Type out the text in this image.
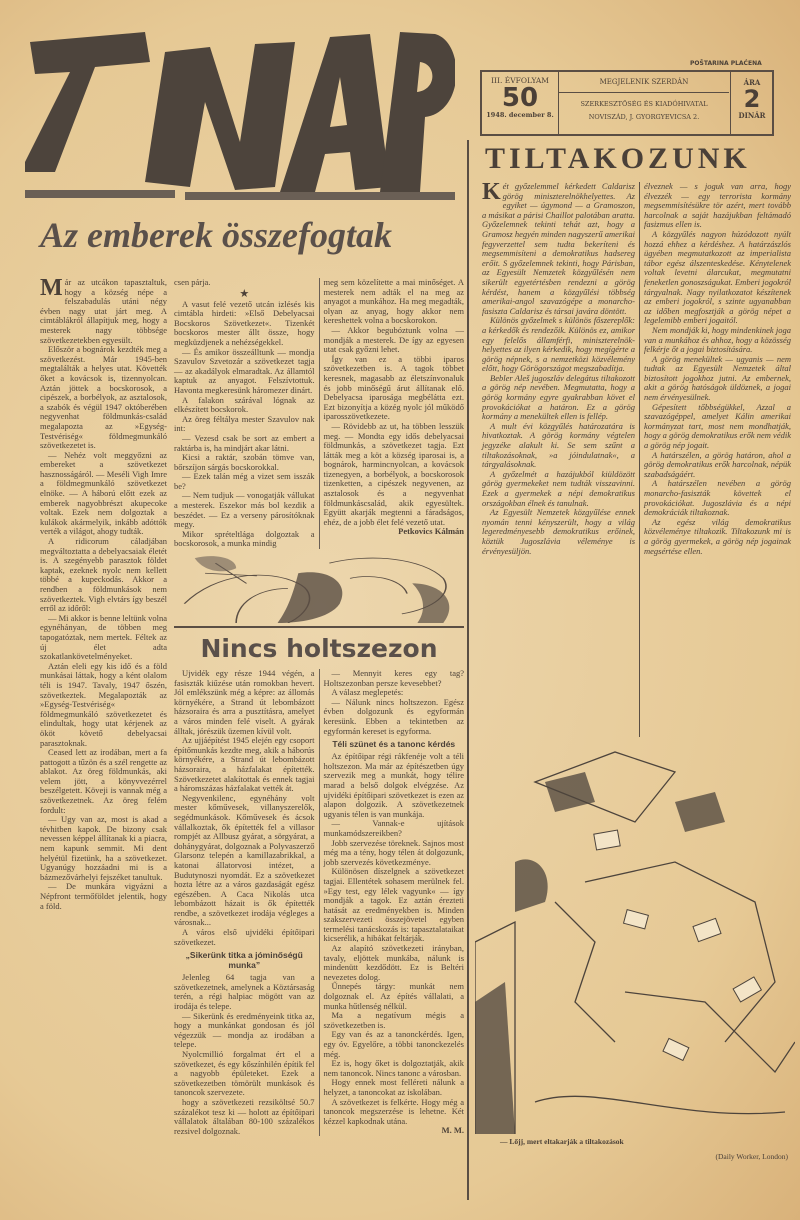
Az emberek összefogtak
M ár az utcákon tapasztaltuk, hogy a község népe a felszabadulás utáni négy évben nagy utat járt meg. A cimtáblákról állapítjuk meg, hogy a mesterek nagy többsége szövetkezetekben egyesült.

Először a bognárok kezdték meg a szövetkezést. Már 1945-ben megtalálták a helyes utat. Követték őket a kovácsok is, tizennyolcan. Aztán jöttek a bocskorosok, a cipészek, a borbélyok, az asztalosok, a szabók és végül 1947 októberében negyvenhat földmunkás-család megalapozta az »Egység-Testvériség« földmegmunkáló szövetkezetet is.

— Nehéz volt meggyőzni az embereket a szövetkezet hasznosságáról. — Meséli Vigh Imre a földmegmunkáló szövetkezet elnöke. — A háború előtt ezek az emberek nagyobbrészt akupecoke voltak. Ezek nem dolgoztak a kulákok akármelyik, inkább adóttók verték a világot, ahogy tudták.

A ridicorum cáladjában megváltoztatta a debelyacsaiak életét is. A szegényebb parasztok földet kaptak, ezeknek nyolc nem kellett többé a kupeckodás. Akkor a rendben a földmunkások nem szövetkeztek. Vigh elvtárs így beszél erről az időről:

— Mi akkor is benne leltünk volna egynéhányan, de többen meg tapogatóztak, nem mertek. Féltek az új élet adta szokatlankövetelményeket.

Aztán eleli egy kis idő és a föld munkásai láttak, hogy a ként olalom téli is 1947. Tavaly, 1947 őszén, szövetkeztek. Megalapozták az »Egység-Testvériség« földmegmunkáló szövetkezetet és elindultak, hogy utat kérjenek az ököt követő debelyacsai parasztoknak.

Ceased lett az irodában, mert a fa pattogott a tűzön és a szél rengette az ablakot. Az öreg földmunkás, aki velem jött, a könyvvezérrel beszélgetett. Köveji is vannak még a szövetkezetnek. Az öreg felém fordult:

— Ugy van az, most is akad a tévhitben kapok. De bizony csak nevessen képpel állítanak ki a piacra, nem kapunk semmit. Mi dent helyétül fizetünk, ha a szövetkezet. Ugyanúgy hozzáadni mi is a bázmezővárhelyi fejszéket tanultuk.

— De munkára vigyázni a Népfront termőföldet jelentik, hogy a föld.

csen párja.

★

A vasut felé vezető utcán izlésés kis cimtábla hirdeti: »Első Debelyacsai Bocskoros Szövetkezet«. Tizenkét bocskoros mester állt össze, hogy megküzdjenek a nehézségekkel.

— És amikor összeálltunk — mondja Szavulov Szvetozár a szövetkezet tagja — az akadályok elmaradtak. Az államtól kaptuk az anyagot. Felszívtottuk. Havonta megkeresünk háromezer dinárt.

A falakon szárával lógnak az elkészített bocskorok.

Az öreg féltálya mester Szavulov nak int:

— Vezesd csak be sort az embert a raktárba is, ha mindjárt akar látni.

Kicsi a raktár, szobán tömve van, bőrszíjon sárgás bocskorokkal.

— Ezek talán még a vizet sem isszák be?

— Nem tudjuk — vonogatják vállukat a mesterek. Eszekor más bol kezdik a beszédet. — Ez a verseny párosítóknak megy.

Mikor sprételtlága dolgoztak a bocskorosok, a munka mindig

meg sem közelítette a mai minőséget. A mesterek nem adták el na meg az anyagot a munkához. Ha meg megadták, olyan az anyag, hogy akkor nem kereshettek volna a bocskorokon.

— Akkor begubóztunk volna — mondják a mesterek. De így az egyesen utat csak győzni lehet.

Így van ez a többi iparos szövetkezetben is. A tagok többet keresnek, magasabb az életszínvonaluk és jobb minőségű árut állítanak elő. Debelyacsa iparosága megbélátta ezt. Ezt bizonyítja a közég nyolc jól működő iparosszövetkezete.

— Rövidebb az ut, ha többen lesszük meg. — Mondta egy idős debelyacsai földmunkás, a szövetkezet tagja. Ezt látták meg a köt a község iparosai is, a bognárok, harmincnyolcan, a kovácsok tizenegyen, a borbélyok, a bocskorosok tizenketten, a cipészek negyvenen, az asztalosok és a negyvenhat földmunkáscsalád, akik egyesültek. Együtt akarják megtenni a fáradságos, ehéz, de a jobb élet felé vezető utat.

Petkovics Kálmán
Nincs holtszezon

Ujvidék egy része 1944 végén, a fasiszták kiűzése után romokban hevert. Jól emlékszünk még a képre: az állomás környékére, a Strand út lebombázott házsoraira és arra a pusztításra, amelyet a város minden felé viselt. A gyárak álltak, jórészük üzemen kívül volt.

Az ujjáépítést 1945 elején egy csoport építőmunkás kezdte meg, akik a háborús környékére, a Strand út lebombázott házsoraira, a házfalakat építették. Szövetkezetet alakítottak és ennek tagjai a háromszázas házfalakat vették át.

Negyvenkilenc, egynéhány volt mester kőművesek, villanyszerelők, segédmunkások. Kőművesek és ácsok vállalkoztak, ők építették fel a villasor rompjét az Allbusz gyárat, a sörgyárat, a dohánygyárat, dolgoznak a Polyvaszerző Glarsonz telepén a kamillazabrikkal, a katonai állatorvosi intézet, a Budutynoszi nyomdát. Ez a szövetkezet hozta létre az a város gazdaságát egész egészében. A Caca Nikolás utca lebombázott házait is ők építették rendbe, a szövetkezet irodája végleges a városnak...

A város első ujvidéki építőipari szövetkezet.

„Sikerünk titka a jóminőségű munka”

Jelenleg 64 tagja van a szövetkezetnek, amelynek a Köztársaság terén, a régi halpiac mögött van az irodája és telepe.

— Sikerünk és eredményeink titka az, hogy a munkánkat gondosan és jól végezzük — mondja az irodában a telepe.

Nyolcmillió forgalmat ért el a szövetkezet, és egy kőszínhilén építik fel a nagyobb épületeket. Ezek a szövetkezetben tömörült munkások és tanoncok szervezete.

hogy a szövetkezeti rezsiköltsé 50.7 százalékot tesz ki — holott az építőipari vállalatok általában 80-100 százalékos rezsivel dolgoznak.

— Mennyit keres egy tag? Holtszezonban persze kevesebbet?

A válasz meglepetés:

— Nálunk nincs holtszezon. Egész évben dolgozunk és egyformán keresünk. Ebben a tekintetben az egyformán kereset is egyforma.

Téli szünet és a tanonc kérdés

Az építőipar régi rákfenéje volt a téli holtszezon. Ma már az építészetben úgy szervezik meg a munkát, hogy télire marad a belső dolgok elvégzése. Az ujvidéki építőipari szövetkezet is ezen az alapon dolgozik. A szövetkezetnek ugyanis télen is van munkája.

— Vannak-e ujítások munkamódszereikben?

Jobb szervezése töreknek. Sajnos most még ma a tény, hogy télen át dolgozunk, jobb szervezés következménye.

Különösen díszelgnek a szövetkezet tagjai. Ellentétek sohasem merülnek fel. »Egy test, egy lélek vagyunk« — így mondják a tagok. Ez aztán érezteti hatását az eredményekben is. Minden szakszervezeti összejövetel egyben termelési tanácskozás is: tapasztalataikat kicserélik, a hibákat feltárják.

Az alapító szövetkezeti irányban, tavaly, eljöttek munkába, nálunk is mindenütt kezdődött. Ez is Beltéri nevezetes dolog.

Űnnepés tárgy: munkát nem dolgoznak el. Az építés vállalati, a munka hűtlenség nélkül.

Ma a negatívum mégis a szövetkezetben is.

Egy van és az a tanonckérdés. Igen, egy óv. Egyelőre, a többi tanonckezelés még.

Ez is, hogy őket is dolgoztatják, akik nem tanoncok. Nincs tanonc a városban.

Hogy ennek most felléreti nálunk a helyzet, a tanoncokat az iskolában.

A szövetkezet is felkérte. Hogy még a tanoncok megszerzése is lehetne. Két kézzel kapkodnak utána.

M. M.
POŠTARINA PLAĆENA
III. ÉVFOLYAM
50
1948. december 8.
MEGJELENIK SZERDÁN
SZERKESZTŐSÉG ÉS KIADÓHIVATAL
NOVISZÁD, J. GYORGYEVICSA 2.
ÁRA
2
DINÁR
TILTAKOZUNK
K ét győzelemmel kérkedett Caldarisz görög miniszterelnökhelyettes. Az egyiket — úgymond — a Gramoszon, a másikat a párisi Chaillot palotában aratta. Győzelemnek tekinti tehát azt, hogy a Gramosz hegyén minden nagyszerű amerikai fegyverzettel sem tudta bekeríteni és megsemmisíteni a demokratikus hadsereg erőit. S győzelemnek tekinti, hogy Párisban, az Egyesült Nemzetek közgyűlésén nem sikerült egyetértésben rendezni a görög kérdést, hanem a közgyűlési többség amerikai-angol szavazógépe a monarcho-fasiszta Caldarisz és társai javára döntött.

Különös győzelmek s különös főszereplők: a kérkedők és rendezőik. Különös ez, amikor egy felelős államférfi, miniszterelnök-helyettes az ilyen kérkedik, hogy megígérte a görög népnek, s a nemzetközi közvélemény előtt, hogy Görögországot megszabadítja.

Bebler Aleš jugoszláv delegátus tiltakozott a görög nép nevében. Megmutatta, hogy a görög kormány egyre gyakrabban követ el provokációkat a határon. Ez a görög kormány a menekültek ellen is fellép.

A mult évi közgyűlés határozatára is hivatkoztak. A görög kormány végtelen jegyzéke alakult ki. Se sem szűnt a tiltakozásoknak, »a jóindulatnak«, a tárgyalásoknak.

A győzelmét a hazájukból kiüldözött görög gyermekeket nem tudták visszavinni. Ezek a gyermekek a népi demokratikus országokban élnek és tanulnak.

Az Egyesült Nemzetek közgyűlése ennek nyomán tenni kényszerült, hogy a világ legeredményesebb demokratikus erőinek, köztük Jugoszlávia véleménye is érvényesüljön.

élveznek — s joguk van arra, hogy élvezzék — egy terrorista kormány megsemmisítésükre tör azért, mert tovább harcolnak a saját hazájukban feltámadó fasizmus ellen is.

A közgyűlés nagyon húzódozott nyúlt hozzá ehhez a kérdéshez. A határzászlós ügyében megmutatkozott az imperialista tábor egész álszenteskedése. Kénytelenek voltak levetni álarcukat, megmutatni feneketlen gonoszságukat. Emberi jogokról tárgyalnak. Nagy nyilatkozatot készítenek az emberi jogokról, s szinte ugyanabban az időben megfosztják a görög népet a legelemibb emberi jogaitól.

Nem mondják ki, hogy mindenkinek joga van a munkához és ahhoz, hogy a közösség felkérje őt a jogai biztosítására.

A görög menekültek — ugyanis — nem tudtak az Egyesült Nemzetek által biztosított jogokhoz jutni. Az embernek, akit a görög hatóságok üldöznek, a jogai nem érvényesülnek.

Gépesített tőbbségükkel, Azzal a szavazógéppel, amelyet Kálin amerikai kormányzat tart, most nem mondhatják, hogy a görög demokratikus erők nem védik a görög nép jogait.

A határszélen, a görög határon, ahol a görög demokratikus erők harcolnak, népük szabadságáért.

A határszélen nevében a görög monarcho-fasiszták követtek el provokációkat. Jugoszlávia és a népi demokráciák tiltakoznak.

Az egész világ demokratikus közvéleménye tiltakozik. Tiltakozunk mi is a görög gyermekek, a görög nép jogainak megsértése ellen.

— Lőjj, mert eltakarják a tiltakozások
(Daily Worker, London)
